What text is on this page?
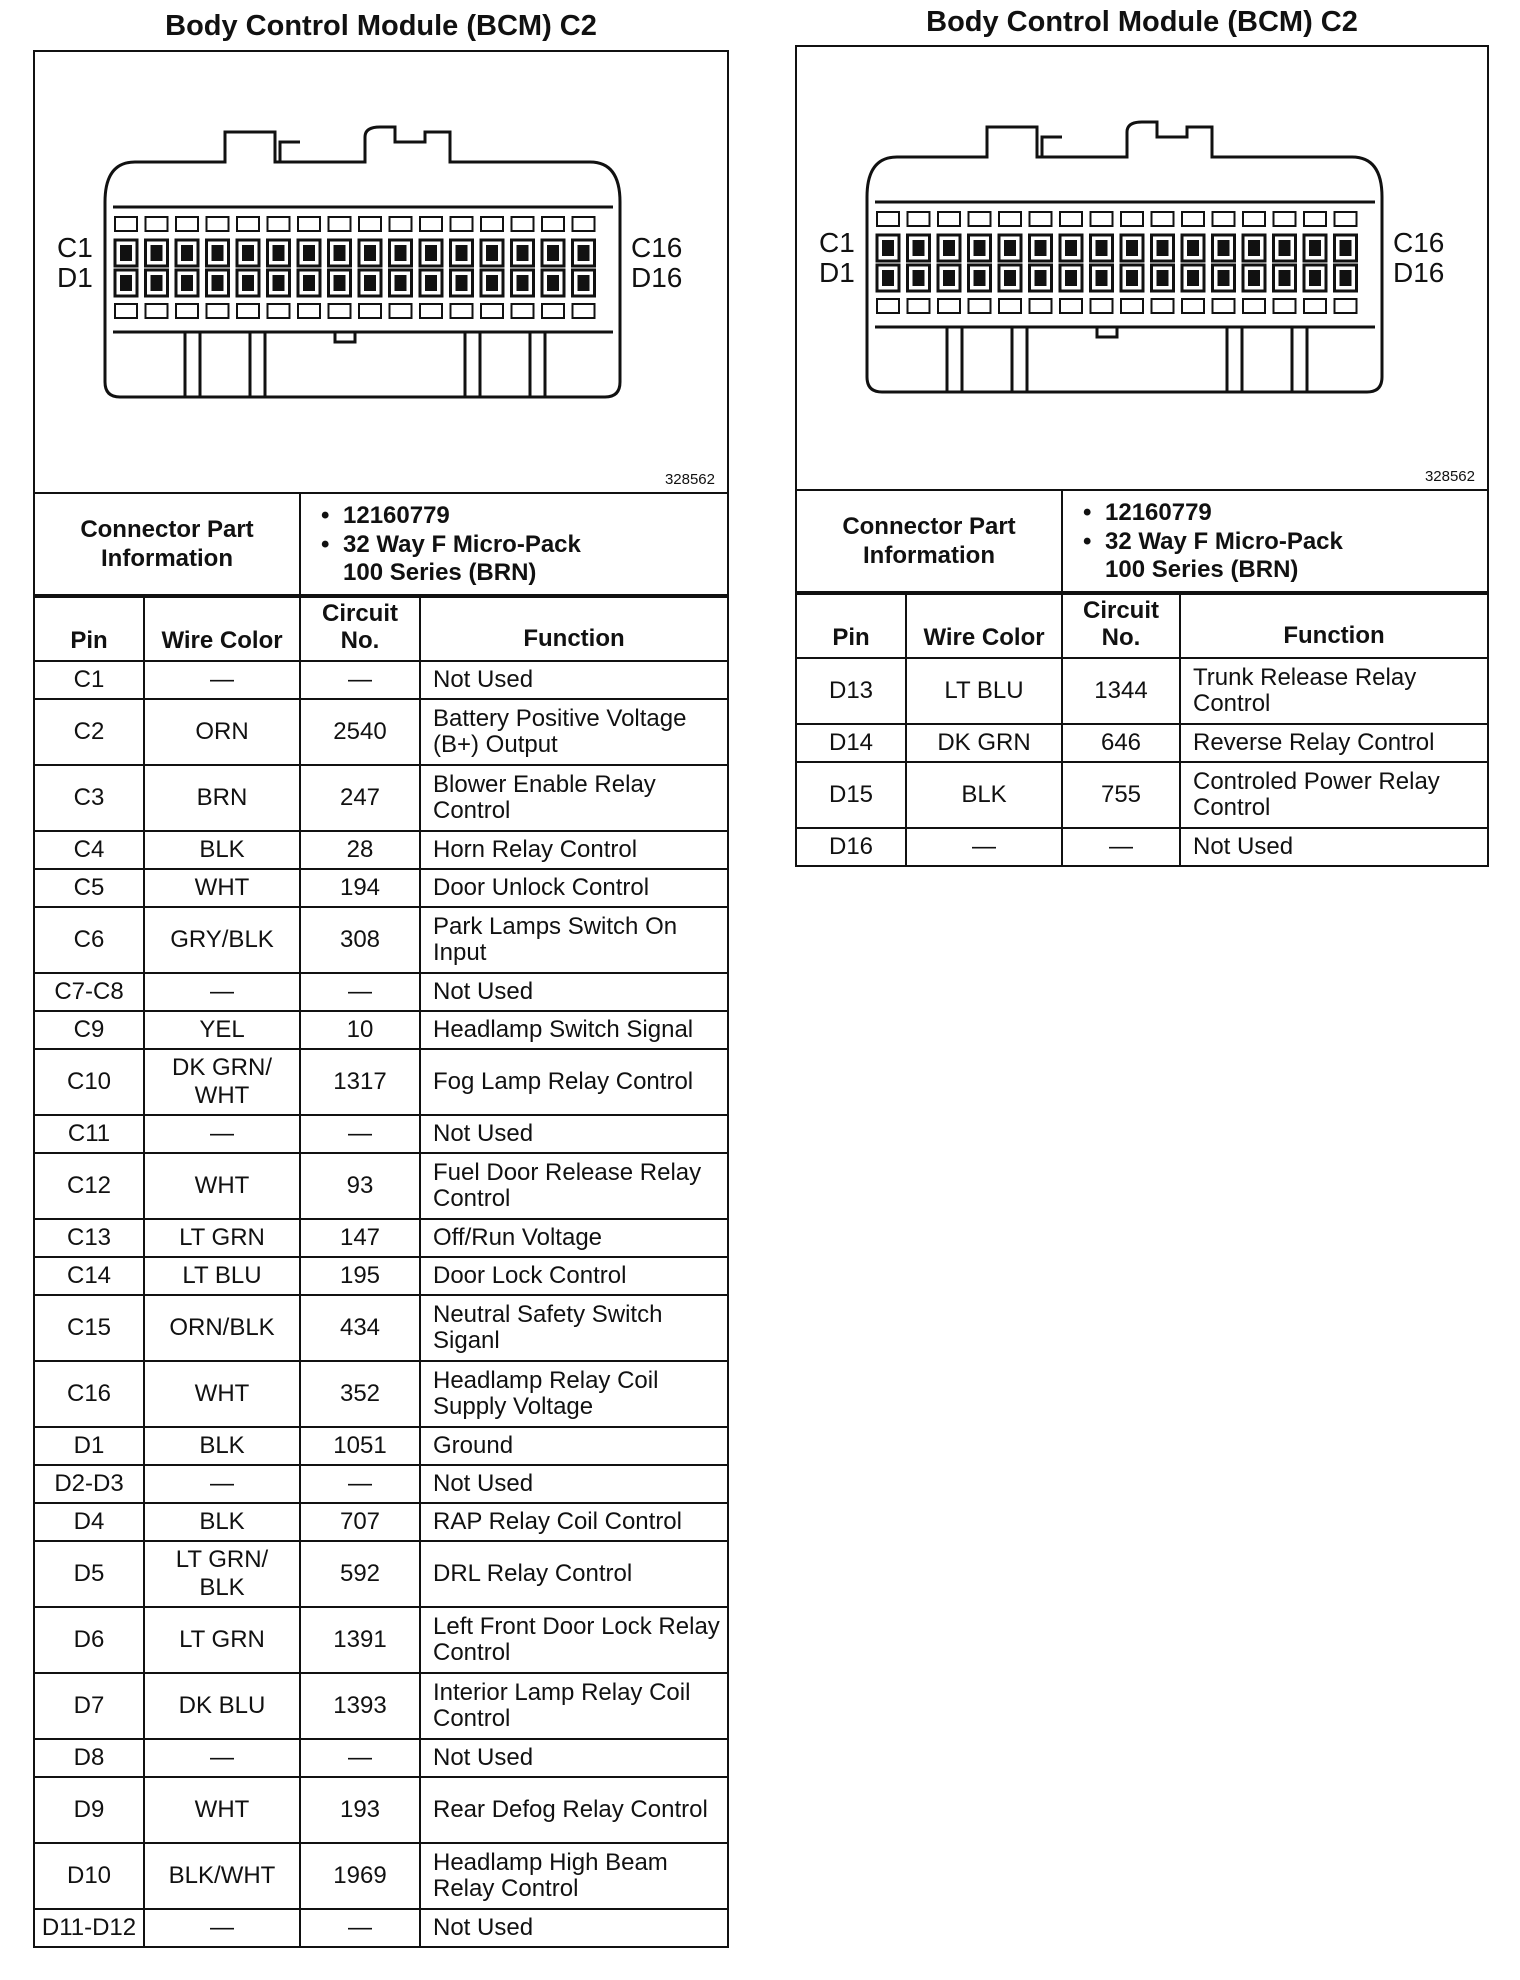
Body Control Module (BCM) C2
C1
D1
C16
D16
328562
Connector Part Information	
• 12160779
• 32 Way F Micro-Pack
100 Series (BRN)
Pin	Wire Color	Circuit No.	Function
C1	—	—	Not Used
C2	ORN	2540	Battery Positive Voltage (B+) Output
C3	BRN	247	Blower Enable Relay Control
C4	BLK	28	Horn Relay Control
C5	WHT	194	Door Unlock Control
C6	GRY/BLK	308	Park Lamps Switch On Input
C7-C8	—	—	Not Used
C9	YEL	10	Headlamp Switch Signal
C10	DK GRN/ WHT	1317	Fog Lamp Relay Control
C11	—	—	Not Used
C12	WHT	93	Fuel Door Release Relay Control
C13	LT GRN	147	Off/Run Voltage
C14	LT BLU	195	Door Lock Control
C15	ORN/BLK	434	Neutral Safety Switch Siganl
C16	WHT	352	Headlamp Relay Coil Supply Voltage
D1	BLK	1051	Ground
D2-D3	—	—	Not Used
D4	BLK	707	RAP Relay Coil Control
D5	LT GRN/ BLK	592	DRL Relay Control
D6	LT GRN	1391	Left Front Door Lock Relay Control
D7	DK BLU	1393	Interior Lamp Relay Coil Control
D8	—	—	Not Used
D9	WHT	193	Rear Defog Relay Control
D10	BLK/WHT	1969	Headlamp High Beam Relay Control
D11-D12	—	—	Not Used
Body Control Module (BCM) C2
C1
D1
C16
D16
328562
Connector Part Information	
• 12160779
• 32 Way F Micro-Pack
100 Series (BRN)
Pin	Wire Color	Circuit No.	Function
D13	LT BLU	1344	Trunk Release Relay Control
D14	DK GRN	646	Reverse Relay Control
D15	BLK	755	Controled Power Relay Control
D16	—	—	Not Used
